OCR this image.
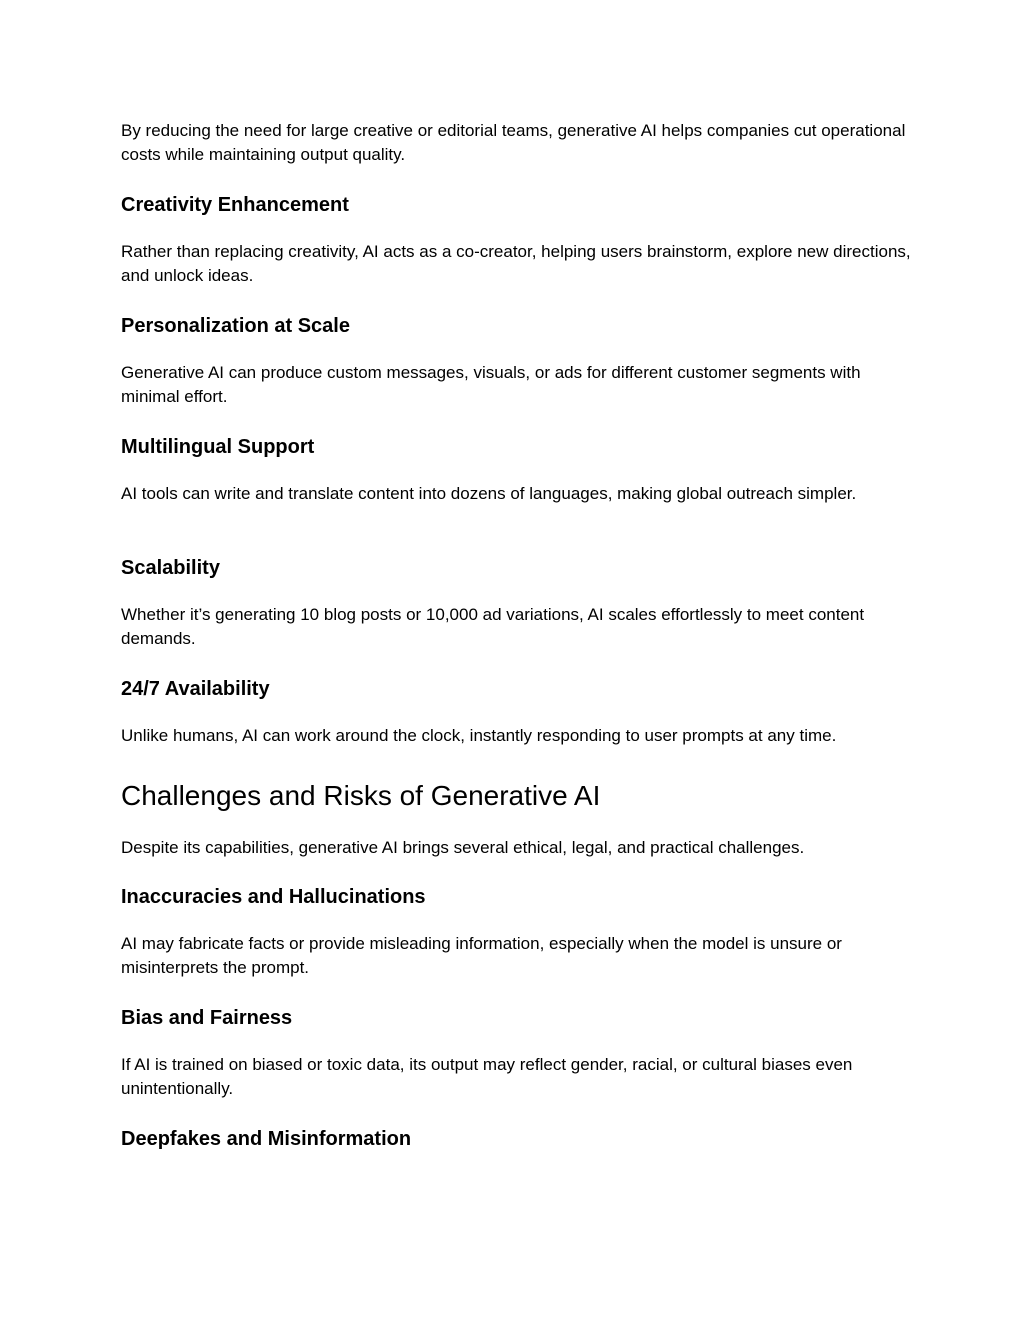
By reducing the need for large creative or editorial teams, generative AI helps companies cut operational costs while maintaining output quality.

Creativity Enhancement

Rather than replacing creativity, AI acts as a co-creator, helping users brainstorm, explore new directions, and unlock ideas.

Personalization at Scale

Generative AI can produce custom messages, visuals, or ads for different customer segments with minimal effort.

Multilingual Support

AI tools can write and translate content into dozens of languages, making global outreach simpler.

Scalability

Whether it’s generating 10 blog posts or 10,000 ad variations, AI scales effortlessly to meet content demands.

24/7 Availability

Unlike humans, AI can work around the clock, instantly responding to user prompts at any time.

Challenges and Risks of Generative AI

Despite its capabilities, generative AI brings several ethical, legal, and practical challenges.

Inaccuracies and Hallucinations

AI may fabricate facts or provide misleading information, especially when the model is unsure or misinterprets the prompt.

Bias and Fairness

If AI is trained on biased or toxic data, its output may reflect gender, racial, or cultural biases even unintentionally.

Deepfakes and Misinformation
